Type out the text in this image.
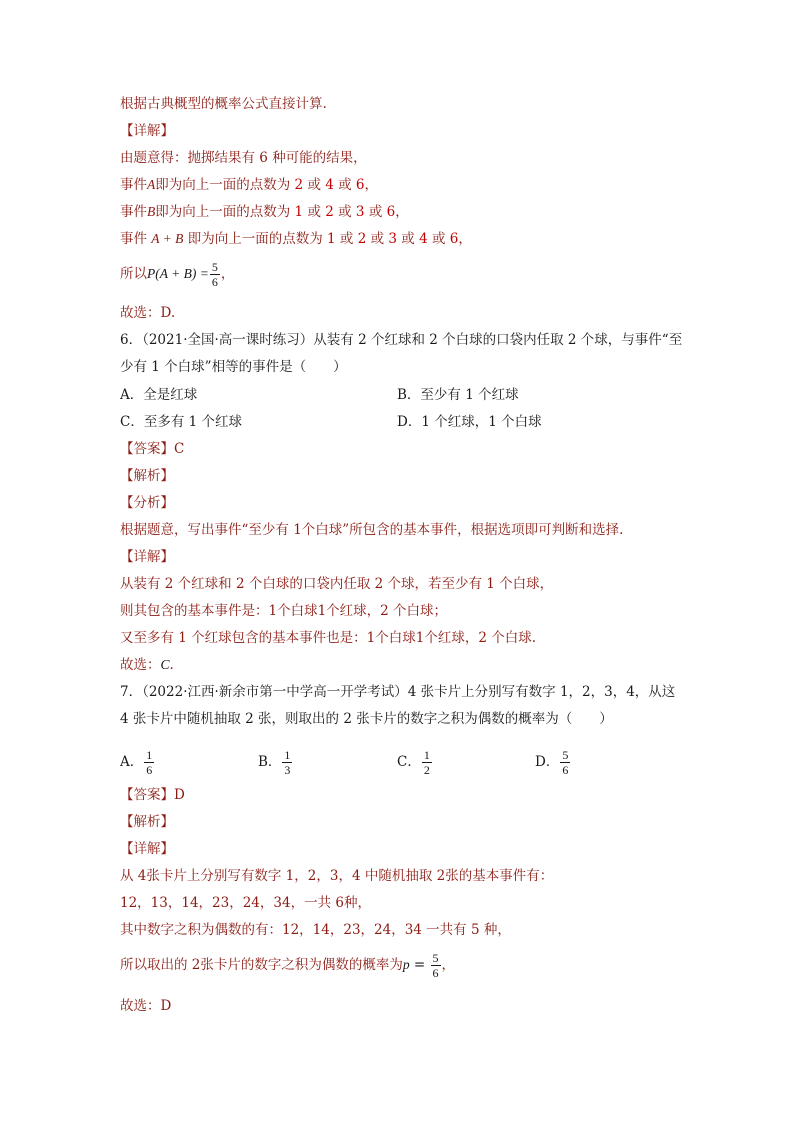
根据古典概型的概率公式直接计算.
【详解】
由题意得：抛掷结果有 6 种可能的结果，
事件A即为向上一面的点数为 2 或 4 或 6，
事件B即为向上一面的点数为 1 或 2 或 3 或 6，
事件 A + B 即为向上一面的点数为 1 或 2 或 3 或 4 或 6，
所以$P(A + B) = \frac{5}{6}$ ，
故选：D.
6．（2021·全国·高一课时练习）从装有 2 个红球和 2 个白球的口袋内任取 2 个球，与事件“至
少有 1 个白球”相等的事件是（　　）
A．全是红球	B．至少有 1 个红球
C．至多有 1 个红球	D．1 个红球，1 个白球
【答案】C
【解析】
【分析】
根据题意，写出事件“至少有 1个白球”所包含的基本事件，根据选项即可判断和选择.
【详解】
从装有 2 个红球和 2 个白球的口袋内任取 2 个球，若至少有 1 个白球，
则其包含的基本事件是：1个白球1个红球，2 个白球；
又至多有 1 个红球包含的基本事件也是：1个白球1个红球，2 个白球.
故选：C.
7．（2022·江西·新余市第一中学高一开学考试）4 张卡片上分别写有数字 1，2，3，4，从这
4 张卡片中随机抽取 2 张，则取出的 2 张卡片的数字之积为偶数的概率为（　　）
A． $\frac{1}{6}$	B． $\frac{1}{3}$	C． $\frac{1}{2}$	D． $\frac{5}{6}$
【答案】D
【解析】
【详解】
从 4张卡片上分别写有数字 1，2，3，4 中随机抽取 2张的基本事件有：
12，13，14，23，24，34，一共 6种，
其中数字之积为偶数的有：12，14，23，24，34 一共有 5 种，
所以取出的 2张卡片的数字之积为偶数的概率为$p = \frac{5}{6}$ ，
故选：D
